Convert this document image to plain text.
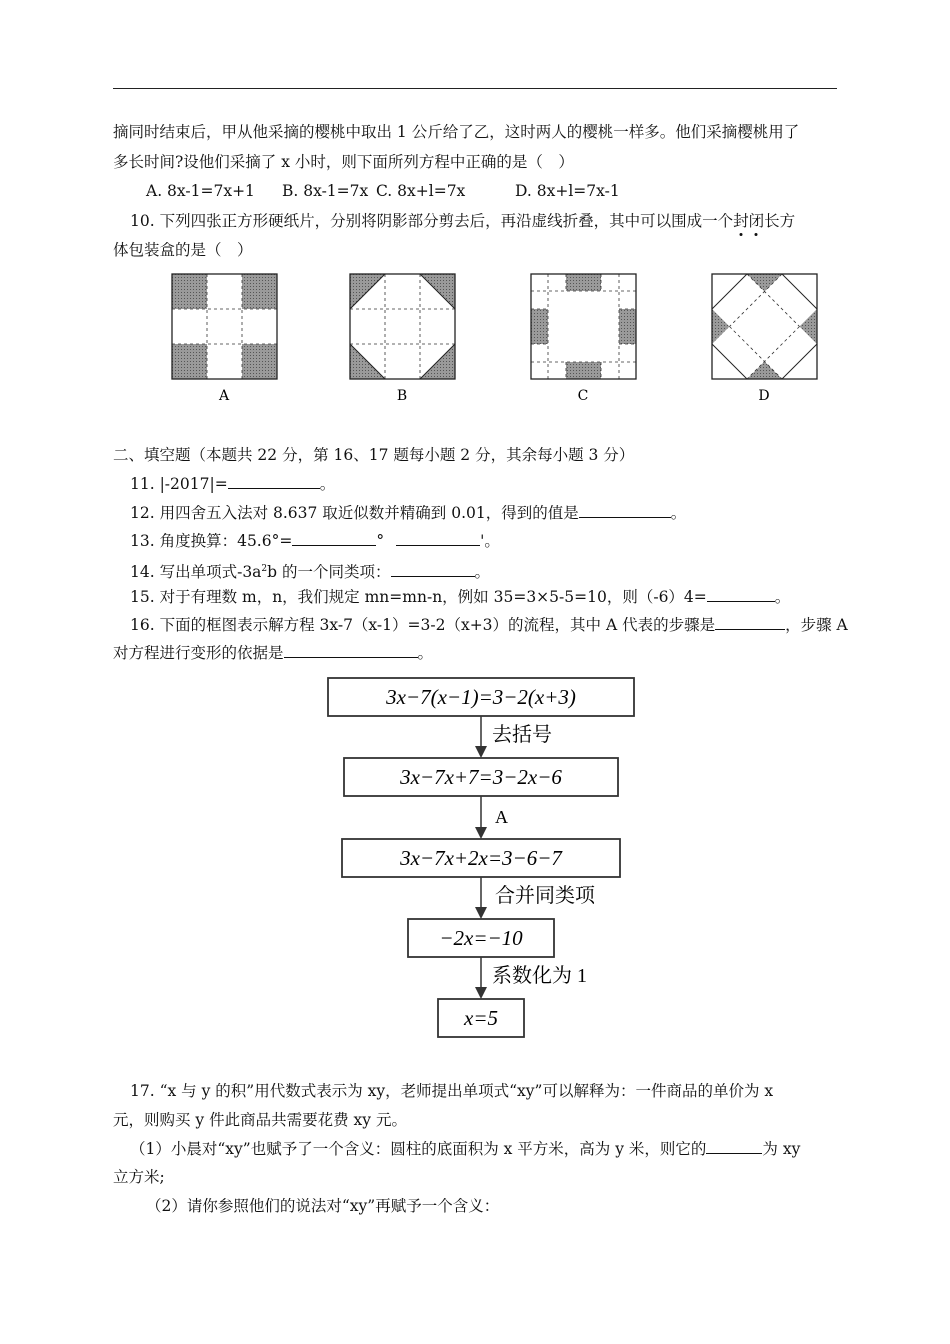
摘同时结束后，甲从他采摘的樱桃中取出 1 公斤给了乙，这时两人的樱桃一样多。他们采摘樱桃用了
多长时间?设他们采摘了 x 小时，则下面所列方程中正确的是（　）
A. 8x-1=7x+1 B. 8x-1=7x C. 8x+l=7x	D. 8x+l=7x-1
10. 下列四张正方形硬纸片，分别将阴影部分剪去后，再沿虚线折叠，其中可以围成一个封闭长方
体包装盒的是（　）
A	B	C	D
二、填空题（本题共 22 分，第 16、17 题每小题 2 分，其余每小题 3 分）
11. |-2017|=	。
12. 用四舍五入法对 8.637 取近似数并精确到 0.01，得到的值是	。
13. 角度换算：45.6°=	°	'。
14. 写出单项式$-3a^2b$ 的一个同类项：	。
15. 对于有理数 m，n，我们规定 mn=mn-n，例如 35=3×5-5=10，则（-6）4=	。
16. 下面的框图表示解方程 3x-7（x-1）=3-2（x+3）的流程，其中 A 代表的步骤是	，步骤 A
对方程进行变形的依据是	。
3x−7(x−1)=3−2(x+3)
去括号
3x−7x+7=3−2x−6
A
3x−7x+2x=3−6−7
合并同类项
−2x=−10
系数化为 1
x=5
17. “x 与 y 的积”用代数式表示为 xy，老师提出单项式“xy”可以解释为：一件商品的单价为 x
元，则购买 y 件此商品共需要花费 xy 元。
（1）小晨对“xy”也赋予了一个含义：圆柱的底面积为 x 平方米，高为 y 米，则它的	为 xy
立方米;
（2）请你参照他们的说法对“xy”再赋予一个含义：
